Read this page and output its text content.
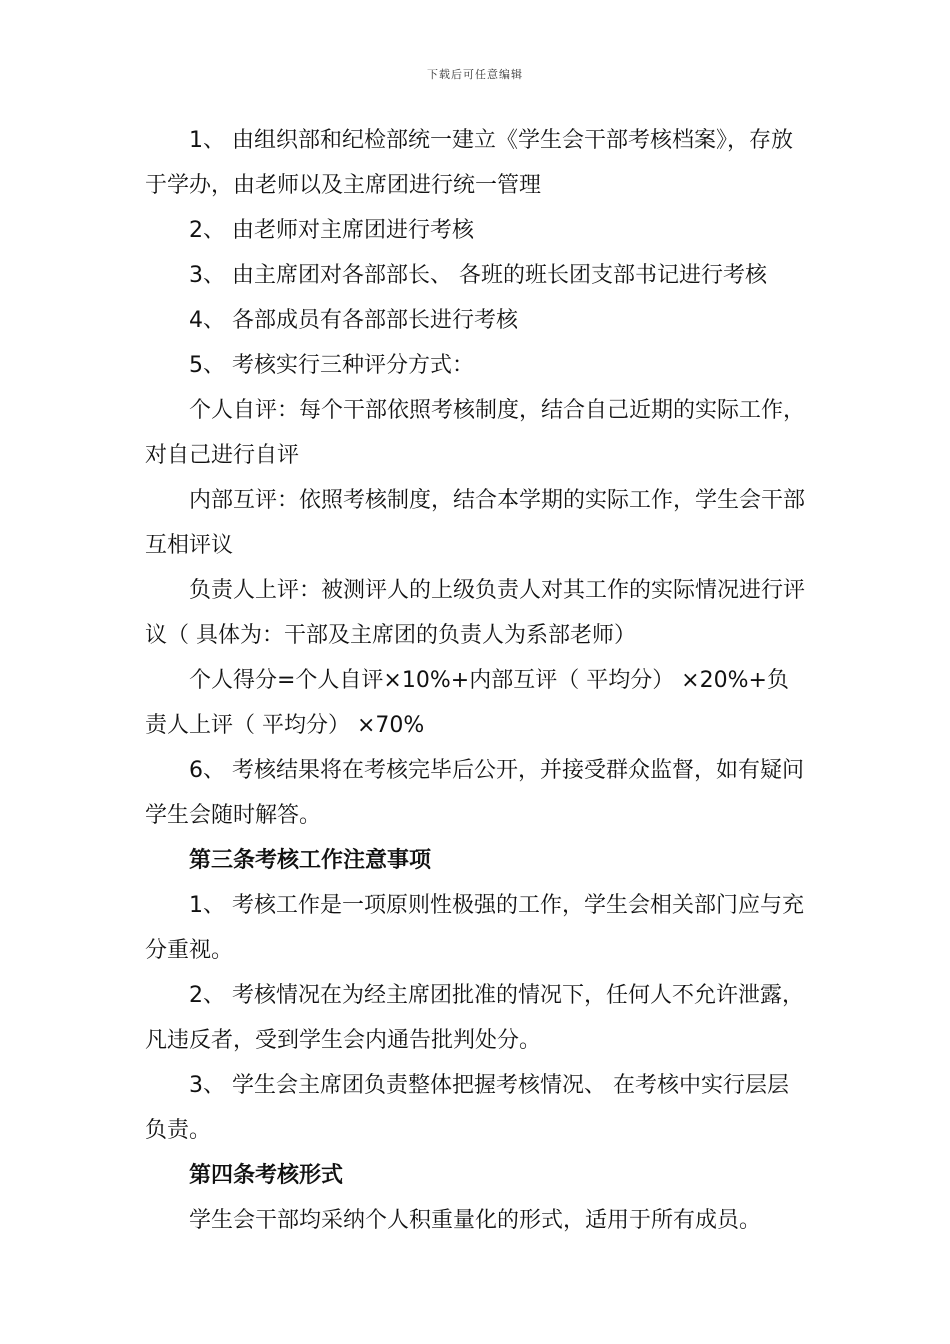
下载后可任意编辑

1、 由组织部和纪检部统一建立《学生会干部考核档案》，存放于学办，由老师以及主席团进行统一管理

2、 由老师对主席团进行考核

3、 由主席团对各部部长、 各班的班长团支部书记进行考核

4、 各部成员有各部部长进行考核

5、 考核实行三种评分方式：

个人自评：每个干部依照考核制度，结合自己近期的实际工作，对自己进行自评

内部互评：依照考核制度，结合本学期的实际工作，学生会干部互相评议

负责人上评：被测评人的上级负责人对其工作的实际情况进行评议（ 具体为：干部及主席团的负责人为系部老师）

个人得分=个人自评×10%+内部互评（ 平均分） ×20%+负责人上评（ 平均分） ×70%

6、 考核结果将在考核完毕后公开，并接受群众监督，如有疑问学生会随时解答。

第三条考核工作注意事项

1、 考核工作是一项原则性极强的工作，学生会相关部门应与充分重视。

2、 考核情况在为经主席团批准的情况下，任何人不允许泄露，凡违反者，受到学生会内通告批判处分。

3、 学生会主席团负责整体把握考核情况、 在考核中实行层层负责。

第四条考核形式

学生会干部均采纳个人积重量化的形式，适用于所有成员。
